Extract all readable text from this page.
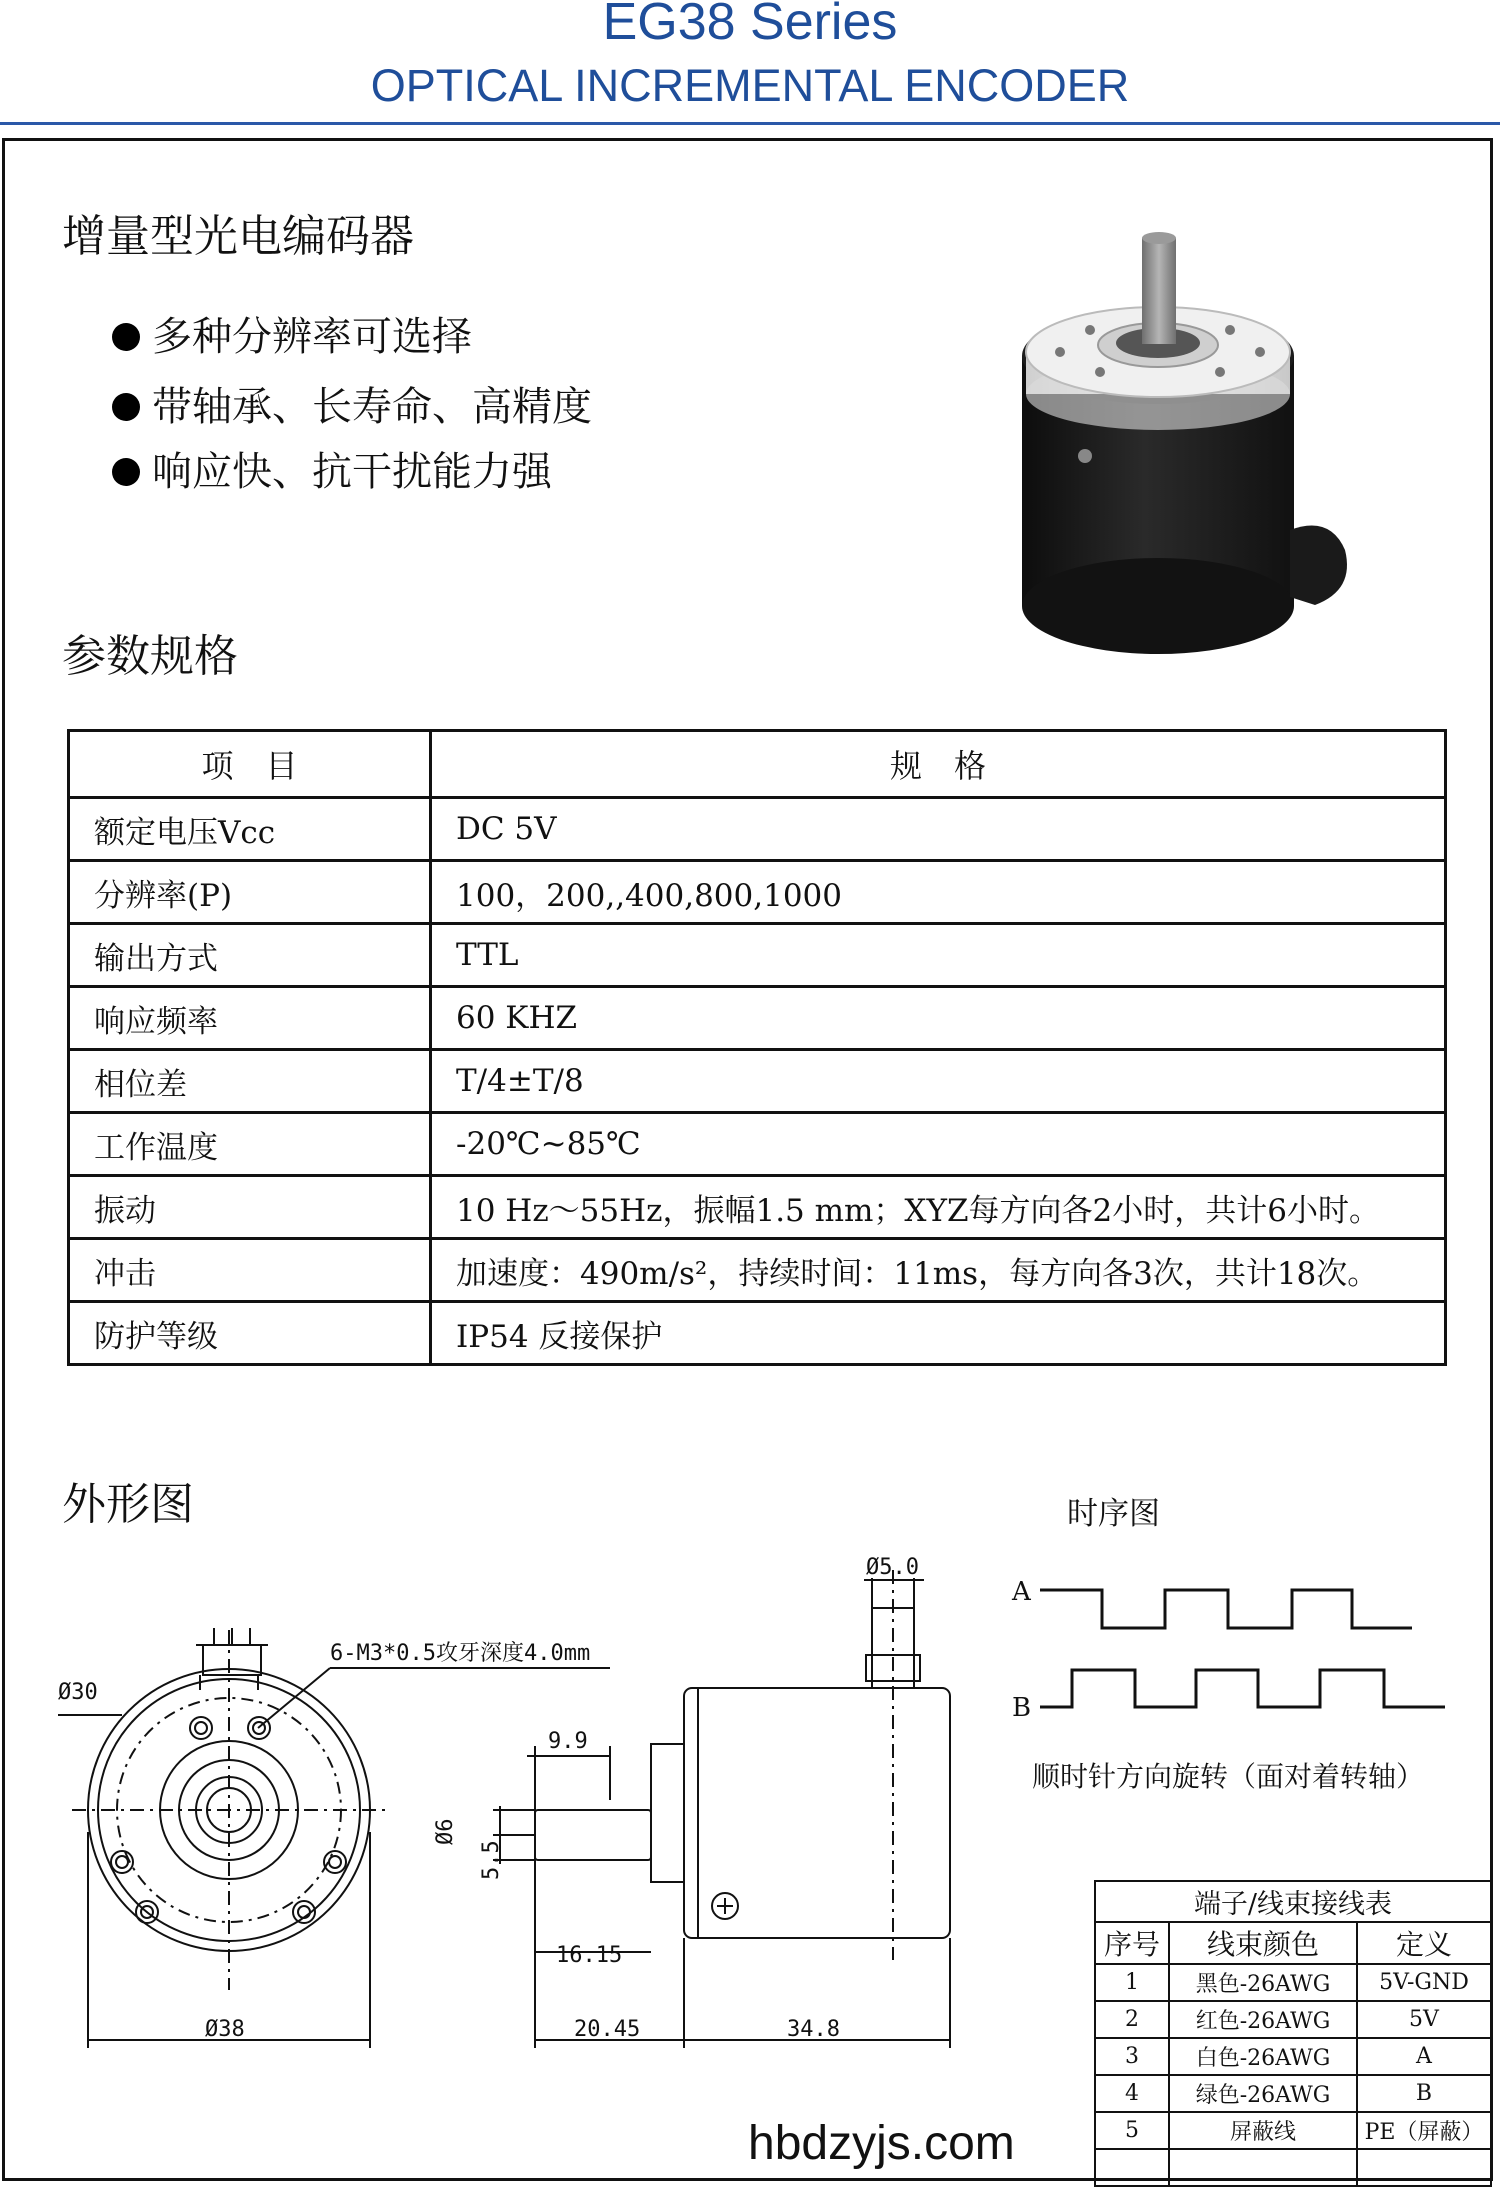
EG38 Series
OPTICAL INCREMENTAL ENCODER
增量型光电编码器
多种分辨率可选择
带轴承、长寿命、高精度
响应快、抗干扰能力强
参数规格
项　目	规　格
额定电压Vcc	DC 5V
分辨率(P)	100，200,,400,800,1000
输出方式	TTL
响应频率	60 KHZ
相位差	T/4±T/8
工作温度	-20℃~85℃
振动	10 Hz～55Hz，振幅1.5 mm；XYZ每方向各2小时，共计6小时。
冲击	加速度：490m/s²，持续时间：11ms，每方向各3次，共计18次。
防护等级	IP54 反接保护
外形图	时序图
Ø30
Ø38
6-M3*0.5攻牙深度4.0mm
Ø5.0
9.9
Ø6
5.5
16.15
20.45	34.8
A
B
顺时针方向旋转（面对着转轴）
端子/线束接线表		
序号	线束颜色	定义
1	黑色-26AWG	5V-GND
2	红色-26AWG	5V
3	白色-26AWG	A
4	绿色-26AWG	B
5	屏蔽线	PE（屏蔽）

hbdzyjs.com
